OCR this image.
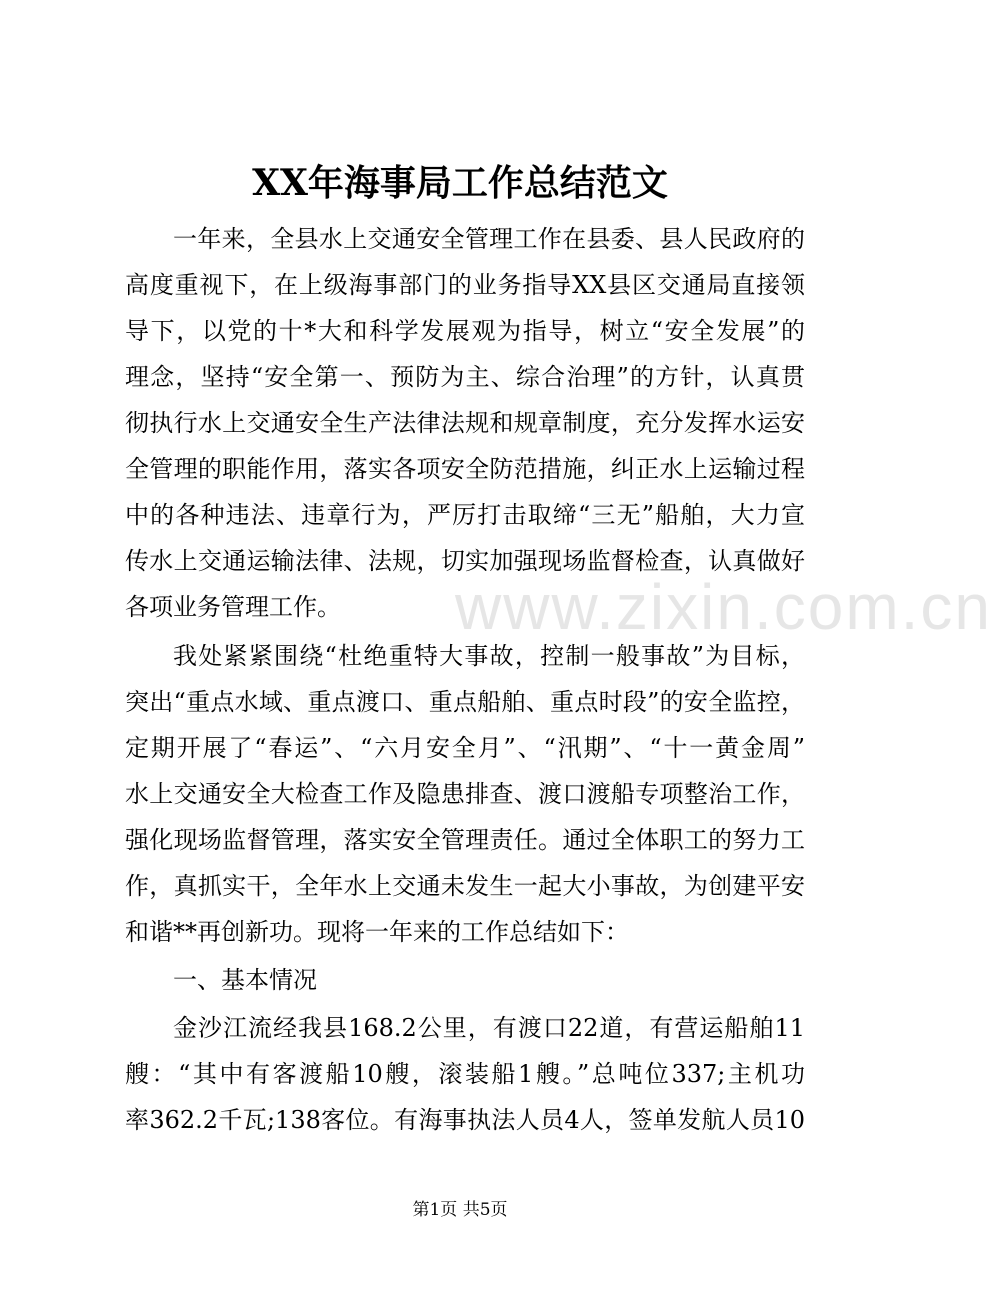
www.zixin.com.cn
XX年海事局工作总结范文
一年来，全县水上交通安全管理工作在县委、县人民政府的
高度重视下，在上级海事部门的业务指导XX县区交通局直接领
导下，以党的十*大和科学发展观为指导，树立“安全发展”的
理念，坚持“安全第一、预防为主、综合治理”的方针，认真贯
彻执行水上交通安全生产法律法规和规章制度，充分发挥水运安
全管理的职能作用，落实各项安全防范措施，纠正水上运输过程
中的各种违法、违章行为，严厉打击取缔“三无”船舶，大力宣
传水上交通运输法律、法规，切实加强现场监督检查，认真做好
各项业务管理工作。
我处紧紧围绕“杜绝重特大事故，控制一般事故”为目标，
突出“重点水域、重点渡口、重点船舶、重点时段”的安全监控，
定期开展了“春运”、“六月安全月”、“汛期”、“十一黄金周”
水上交通安全大检查工作及隐患排查、渡口渡船专项整治工作，
强化现场监督管理，落实安全管理责任。通过全体职工的努力工
作，真抓实干，全年水上交通未发生一起大小事故，为创建平安
和谐**再创新功。现将一年来的工作总结如下：
一、基本情况
金沙江流经我县168.2公里，有渡口22道，有营运船舶11
艘：“其中有客渡船10艘，滚装船1艘。”总吨位337;主机功
率362.2千瓦;138客位。有海事执法人员4人，签单发航人员10
第1页 共5页
